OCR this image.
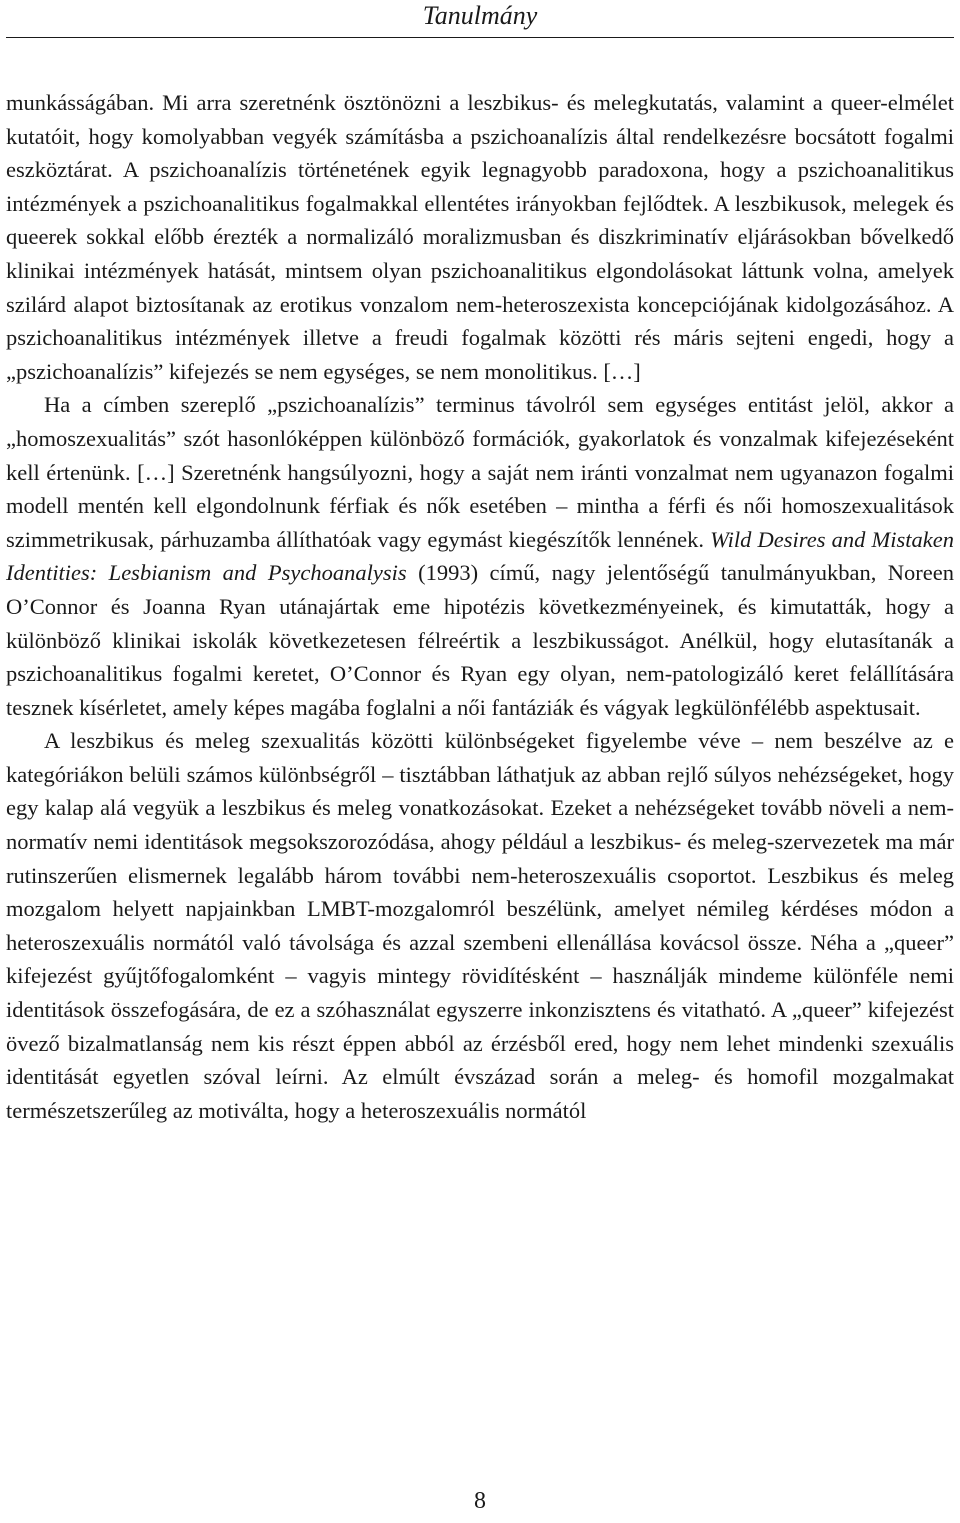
Tanulmány

munkásságában. Mi arra szeretnénk ösztönözni a leszbikus- és melegkutatás, valamint a queer-elmélet kutatóit, hogy komolyabban vegyék számításba a pszichoanalízis által rendelkezésre bocsátott fogalmi eszköztárat. A pszichoanalízis történetének egyik legnagyobb paradoxona, hogy a pszichoanalitikus intézmények a pszichoanalitikus fogalmakkal ellentétes irányokban fejlődtek. A leszbikusok, melegek és queerek sokkal előbb érezték a normalizáló moralizmusban és diszkriminatív eljárásokban bővelkedő klinikai intézmények hatását, mintsem olyan pszichoanalitikus elgondolásokat láttunk volna, amelyek szilárd alapot biztosítanak az erotikus vonzalom nem-heteroszexista koncepciójának kidolgozásához. A pszichoanalitikus intézmények illetve a freudi fogalmak közötti rés máris sejteni engedi, hogy a „pszichoanalízis” kifejezés se nem egységes, se nem monolitikus. […]

Ha a címben szereplő „pszichoanalízis” terminus távolról sem egységes entitást jelöl, akkor a „homoszexualitás” szót hasonlóképpen különböző formációk, gyakorlatok és vonzalmak kifejezéseként kell értenünk. […] Szeretnénk hangsúlyozni, hogy a saját nem iránti vonzalmat nem ugyanazon fogalmi modell mentén kell elgondolnunk férfiak és nők esetében – mintha a férfi és női homoszexualitások szimmetrikusak, párhuzamba állíthatóak vagy egymást kiegészítők lennének. Wild Desires and Mistaken Identities: Lesbianism and Psychoanalysis (1993) című, nagy jelentőségű tanulmányukban, Noreen O’Connor és Joanna Ryan utánajártak eme hipotézis következményeinek, és kimutatták, hogy a különböző klinikai iskolák következetesen félreértik a leszbikusságot. Anélkül, hogy elutasítanák a pszichoanalitikus fogalmi keretet, O’Connor és Ryan egy olyan, nem-patologizáló keret felállítására tesznek kísérletet, amely képes magába foglalni a női fantáziák és vágyak legkülönfélébb aspektusait.

A leszbikus és meleg szexualitás közötti különbségeket figyelembe véve – nem beszélve az e kategóriákon belüli számos különbségről – tisztábban láthatjuk az abban rejlő súlyos nehézségeket, hogy egy kalap alá vegyük a leszbikus és meleg vonatkozásokat. Ezeket a nehézségeket tovább növeli a nem-normatív nemi identitások megsokszorozódása, ahogy például a leszbikus- és meleg-szervezetek ma már rutinszerűen elismernek legalább három további nem-heteroszexuális csoportot. Leszbikus és meleg mozgalom helyett napjainkban LMBT-mozgalomról beszélünk, amelyet némileg kérdéses módon a heteroszexuális normától való távolsága és azzal szembeni ellenállása kovácsol össze. Néha a „queer” kifejezést gyűjtőfogalomként – vagyis mintegy rövidítésként – használják mindeme különféle nemi identitások összefogására, de ez a szóhasználat egyszerre inkonzisztens és vitatható. A „queer” kifejezést övező bizalmatlanság nem kis részt éppen abból az érzésből ered, hogy nem lehet mindenki szexuális identitását egyetlen szóval leírni. Az elmúlt évszázad során a meleg- és homofil mozgalmakat természetszerűleg az motiválta, hogy a heteroszexuális normától

8
